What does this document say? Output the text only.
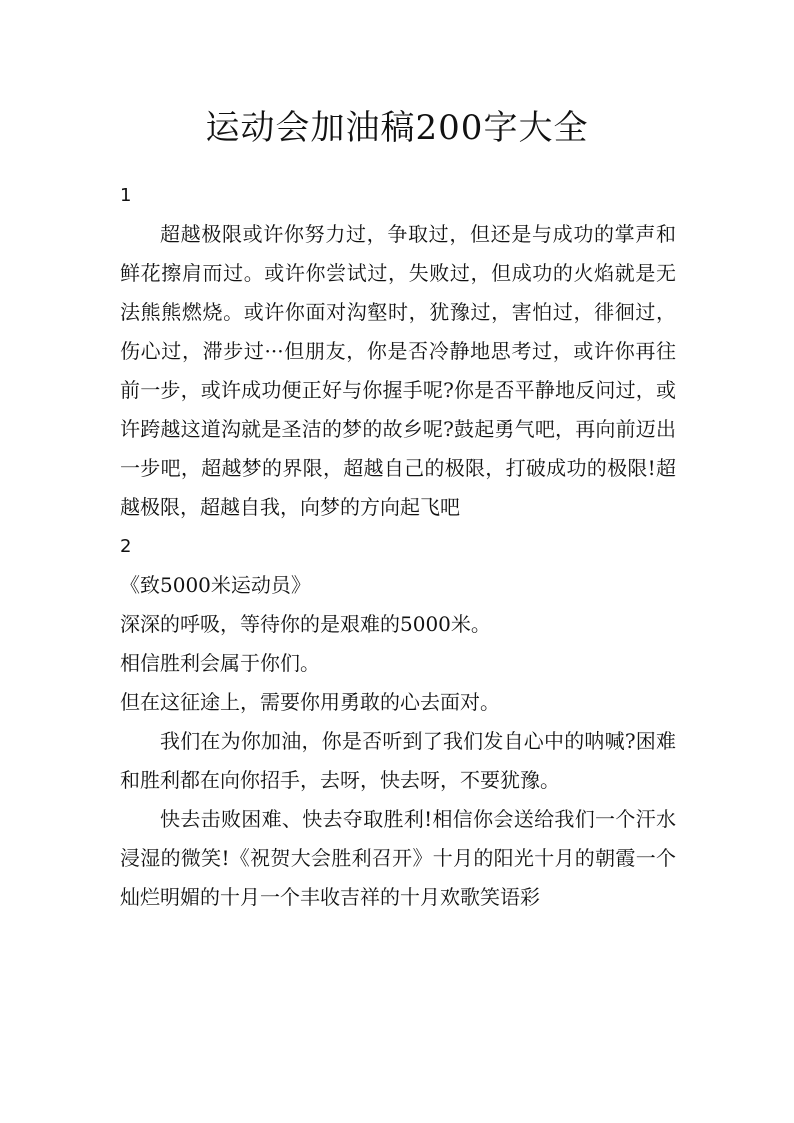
运动会加油稿200字大全

1

超越极限或许你努力过，争取过，但还是与成功的掌声和鲜花擦肩而过。或许你尝试过，失败过，但成功的火焰就是无法熊熊燃烧。或许你面对沟壑时，犹豫过，害怕过，徘徊过，伤心过，滞步过···但朋友，你是否冷静地思考过，或许你再往前一步，或许成功便正好与你握手呢?你是否平静地反问过，或许跨越这道沟就是圣洁的梦的故乡呢?鼓起勇气吧，再向前迈出一步吧，超越梦的界限，超越自己的极限，打破成功的极限!超越极限，超越自我，向梦的方向起飞吧

2

《致5000米运动员》

深深的呼吸，等待你的是艰难的5000米。

相信胜利会属于你们。

但在这征途上，需要你用勇敢的心去面对。

我们在为你加油，你是否听到了我们发自心中的呐喊?困难和胜利都在向你招手，去呀，快去呀，不要犹豫。

快去击败困难、快去夺取胜利!相信你会送给我们一个汗水浸湿的微笑!《祝贺大会胜利召开》十月的阳光十月的朝霞一个灿烂明媚的十月一个丰收吉祥的十月欢歌笑语彩
